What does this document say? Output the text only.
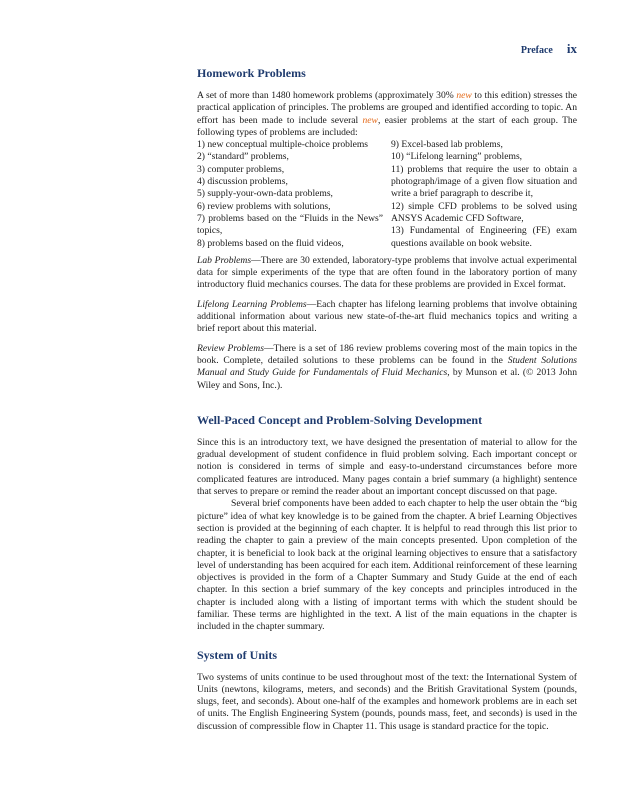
Preface ix
Homework Problems

A set of more than 1480 homework problems (approximately 30% new to this edition) stresses the practical application of principles. The problems are grouped and identified according to topic. An effort has been made to include several new, easier problems at the start of each group. The following types of problems are included:

1) new conceptual multiple-choice problems
2) “standard” problems,
3) computer problems,
4) discussion problems,
5) supply-your-own-data problems,
6) review problems with solutions,
7) problems based on the “Fluids in the News” topics,
8) problems based on the fluid videos,
9) Excel-based lab problems,
10) “Lifelong learning” problems,
11) problems that require the user to obtain a photograph/image of a given flow situation and write a brief paragraph to describe it,
12) simple CFD problems to be solved using ANSYS Academic CFD Software,
13) Fundamental of Engineering (FE) exam questions available on book website.

Lab Problems—There are 30 extended, laboratory-type problems that involve actual experimental data for simple experiments of the type that are often found in the laboratory portion of many introductory fluid mechanics courses. The data for these problems are provided in Excel format.

Lifelong Learning Problems—Each chapter has lifelong learning problems that involve obtaining additional information about various new state-of-the-art fluid mechanics topics and writing a brief report about this material.

Review Problems—There is a set of 186 review problems covering most of the main topics in the book. Complete, detailed solutions to these problems can be found in the Student Solutions Manual and Study Guide for Fundamentals of Fluid Mechanics, by Munson et al. (© 2013 John Wiley and Sons, Inc.).

Well-Paced Concept and Problem-Solving Development

Since this is an introductory text, we have designed the presentation of material to allow for the gradual development of student confidence in fluid problem solving. Each important concept or notion is considered in terms of simple and easy-to-understand circumstances before more complicated features are introduced. Many pages contain a brief summary (a highlight) sentence that serves to prepare or remind the reader about an important concept discussed on that page.

Several brief components have been added to each chapter to help the user obtain the “big picture” idea of what key knowledge is to be gained from the chapter. A brief Learning Objectives section is provided at the beginning of each chapter. It is helpful to read through this list prior to reading the chapter to gain a preview of the main concepts presented. Upon completion of the chapter, it is beneficial to look back at the original learning objectives to ensure that a satisfactory level of understanding has been acquired for each item. Additional reinforcement of these learning objectives is provided in the form of a Chapter Summary and Study Guide at the end of each chapter. In this section a brief summary of the key concepts and principles introduced in the chapter is included along with a listing of important terms with which the student should be familiar. These terms are highlighted in the text. A list of the main equations in the chapter is included in the chapter summary.

System of Units

Two systems of units continue to be used throughout most of the text: the International System of Units (newtons, kilograms, meters, and seconds) and the British Gravitational System (pounds, slugs, feet, and seconds). About one-half of the examples and homework problems are in each set of units. The English Engineering System (pounds, pounds mass, feet, and seconds) is used in the discussion of compressible flow in Chapter 11. This usage is standard practice for the topic.
